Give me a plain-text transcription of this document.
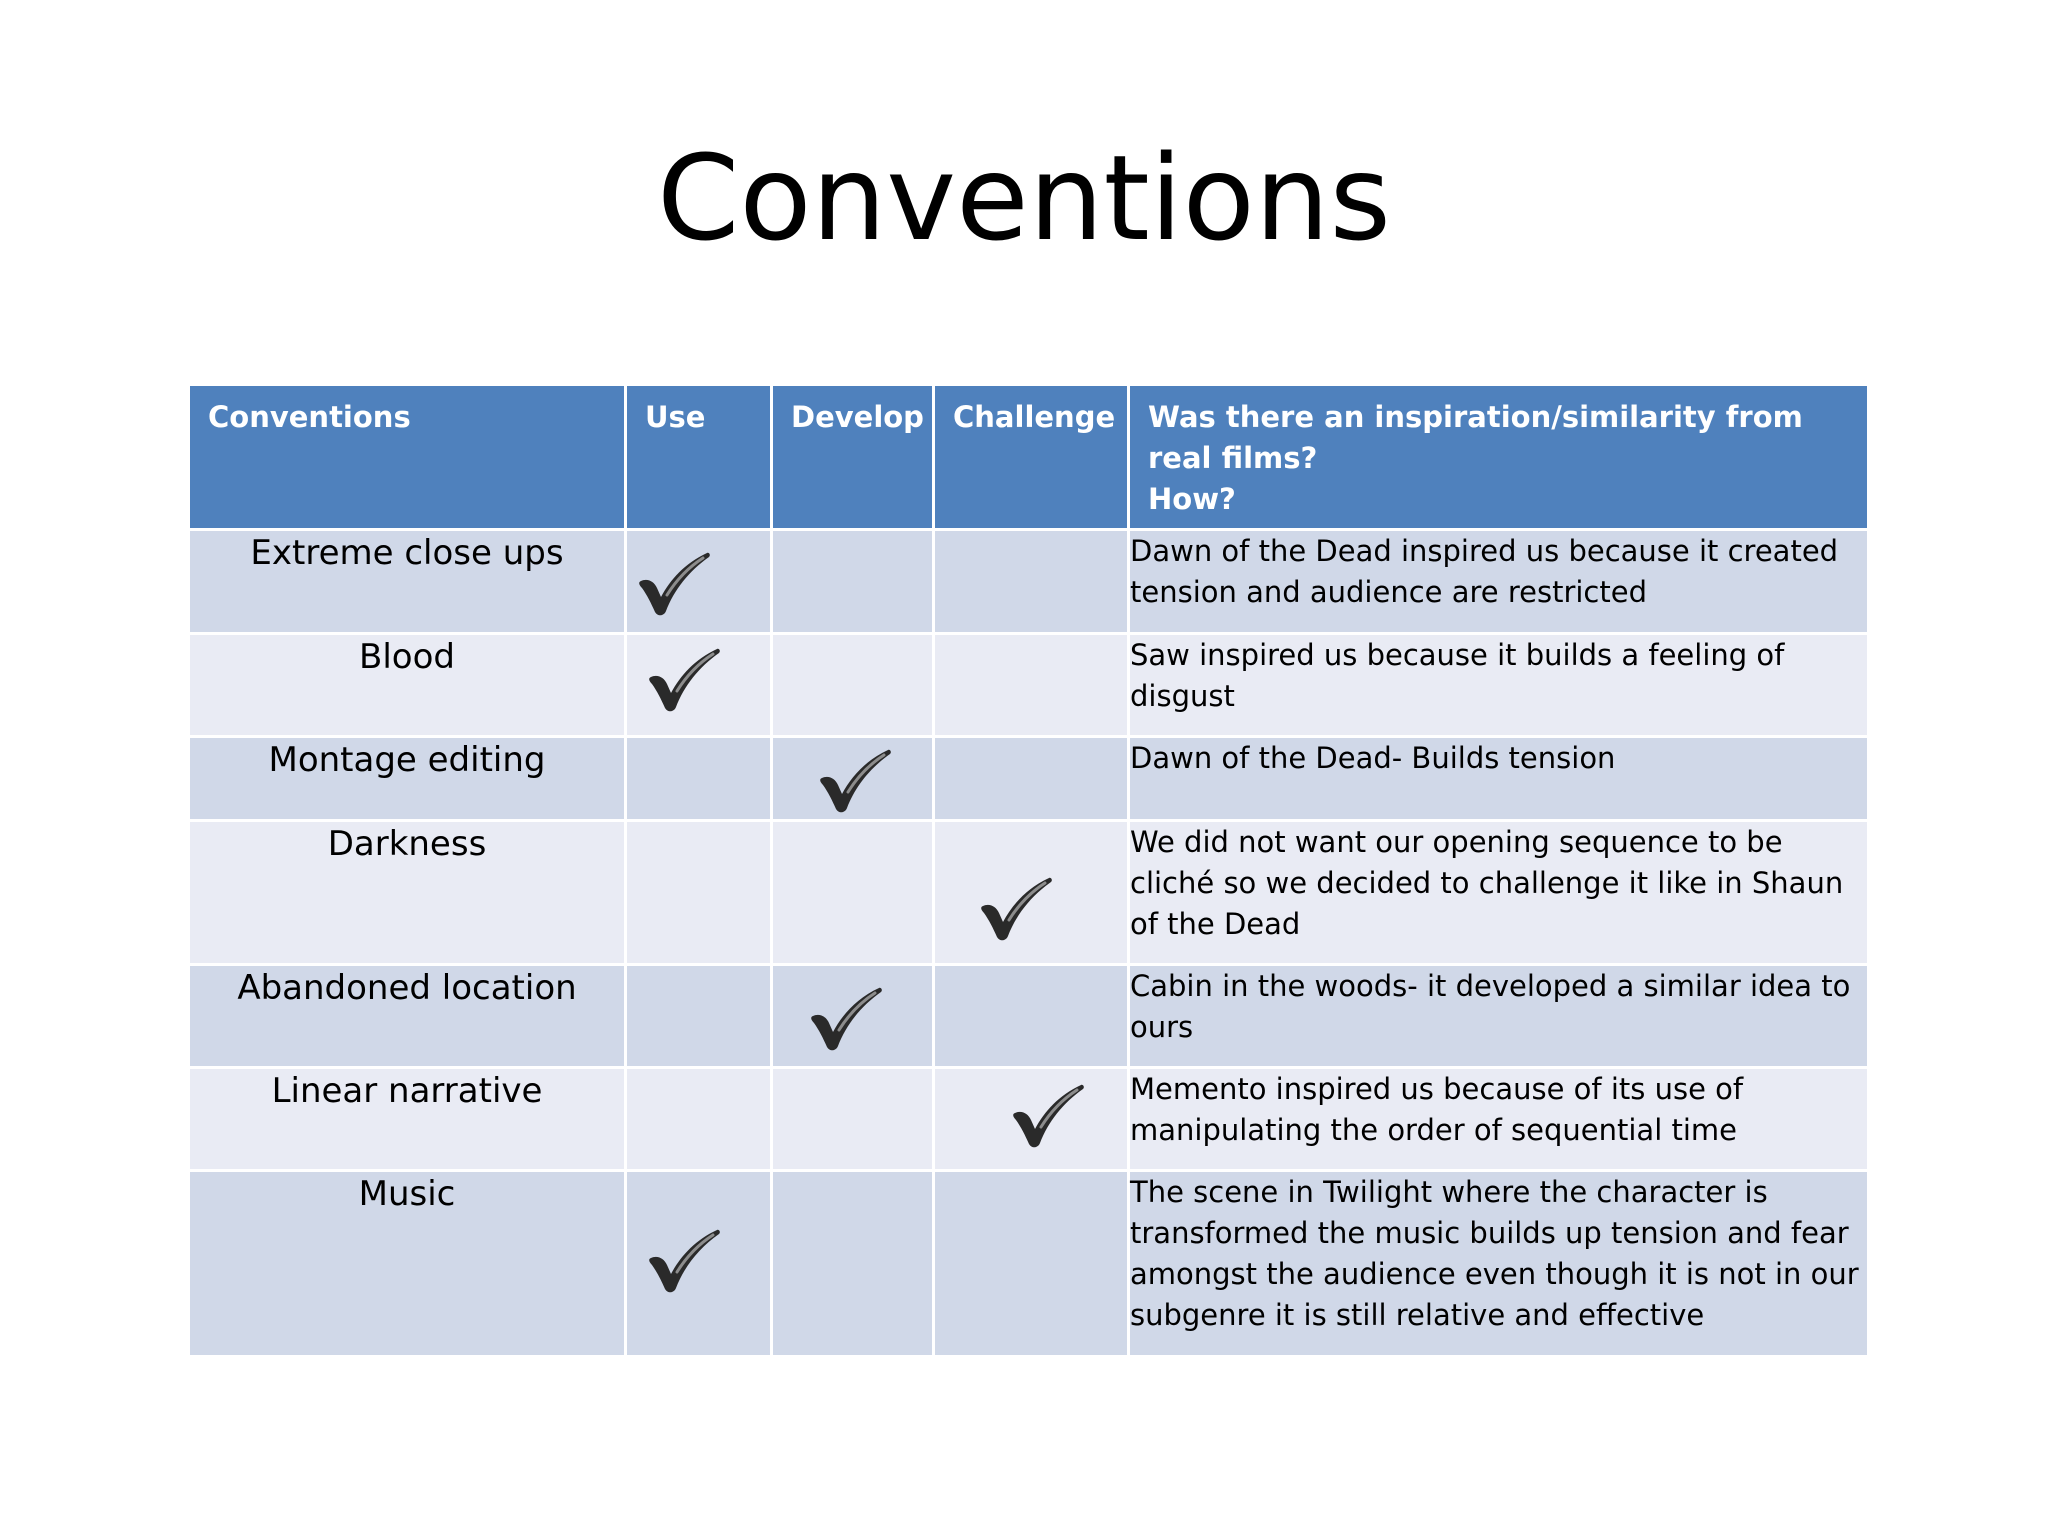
Conventions
Conventions	Use	Develop	Challenge	Was there an inspiration/similarity from real films?
How?
Extreme close ups				Dawn of the Dead inspired us because it created tension and audience are restricted
Blood				Saw inspired us because it builds a feeling of disgust
Montage editing				Dawn of the Dead- Builds tension
Darkness				We did not want our opening sequence to be cliché so we decided to challenge it like in Shaun of the Dead
Abandoned location				Cabin in the woods- it developed a similar idea to ours
Linear narrative				Memento inspired us because of its use of manipulating the order of sequential time
Music				The scene in Twilight where the character is transformed the music builds up tension and fear amongst the audience even though it is not in our subgenre it is still relative and effective
